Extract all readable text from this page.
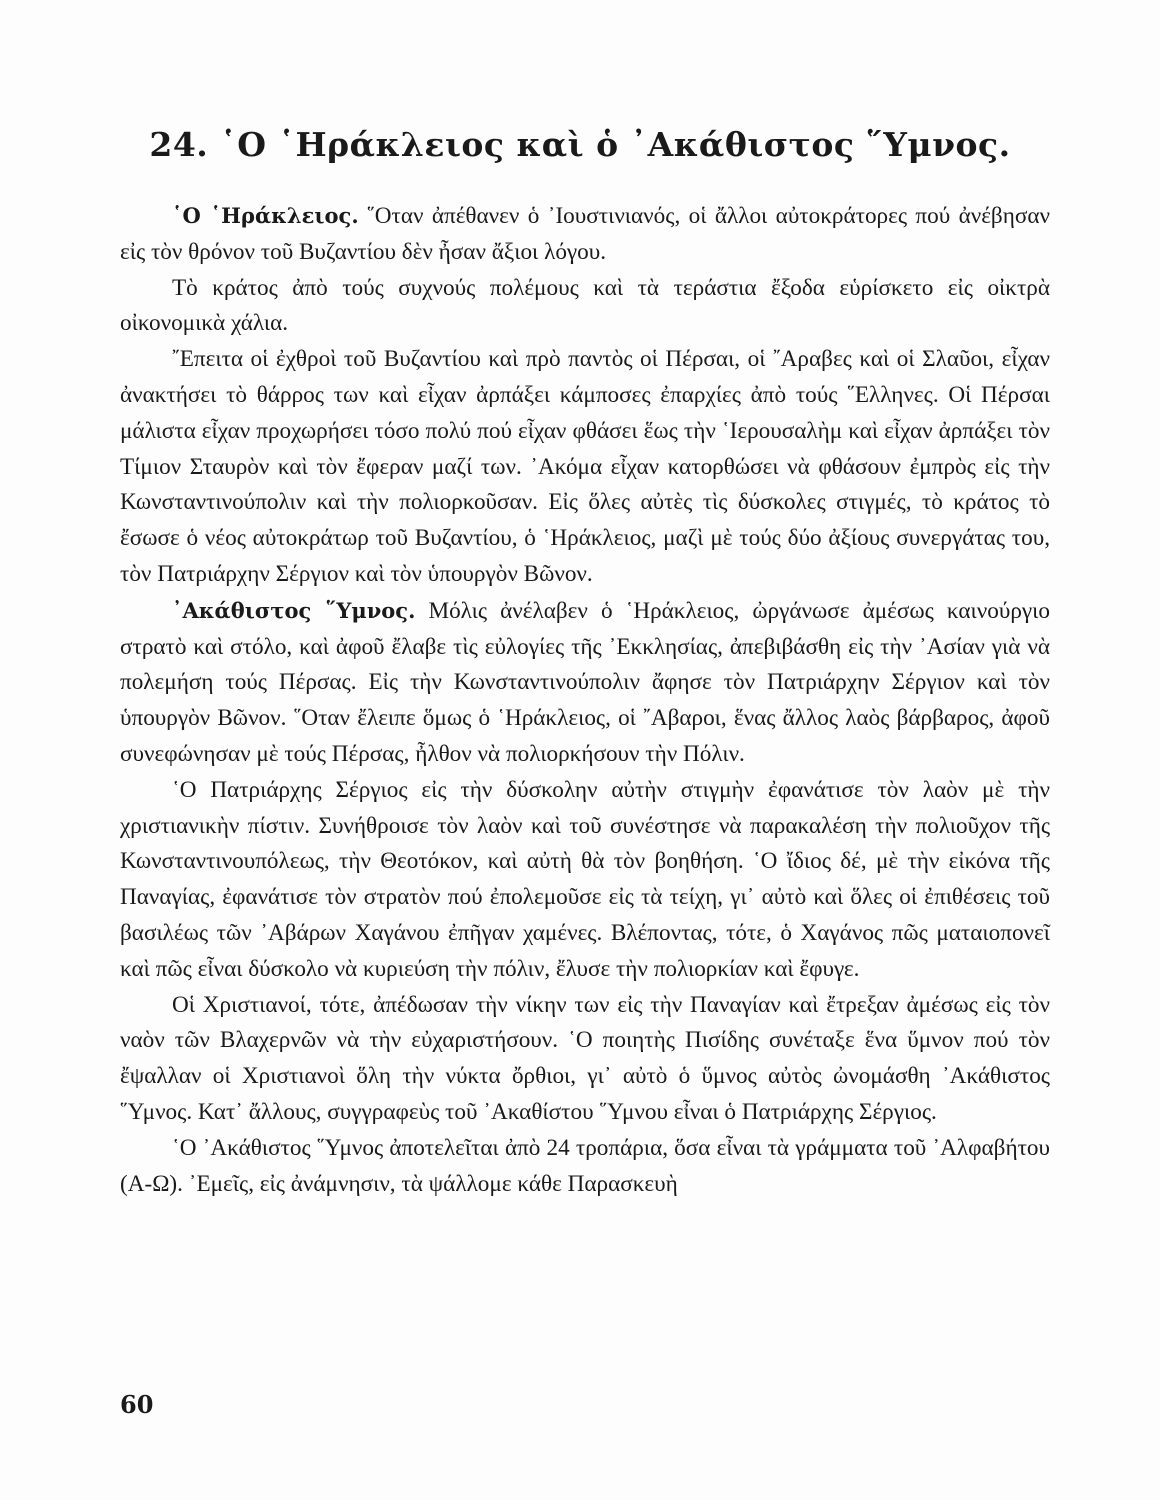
24. ῾Ο ῾Ηράκλειος καὶ ὁ ᾿Ακάθιστος ῞Υμνος.

῾Ο ῾Ηράκλειος. ῞Οταν ἀπέθανεν ὁ ᾿Ιουστινιανός, οἱ ἄλλοι αὐτοκράτορες πού ἀνέβησαν εἰς τὸν θρόνον τοῦ Βυζαντίου δὲν ἦσαν ἄξιοι λόγου.

Τὸ κράτος ἀπὸ τούς συχνούς πολέμους καὶ τὰ τεράστια ἔξοδα εὑρίσκετο εἰς οἰκτρὰ οἰκονομικὰ χάλια.

῎Επειτα οἱ ἐχθροὶ τοῦ Βυζαντίου καὶ πρὸ παντὸς οἱ Πέρσαι, οἱ ῎Αραβες καὶ οἱ Σλαῦοι, εἶχαν ἀνακτήσει τὸ θάρρος των καὶ εἶχαν ἀρπάξει κάμποσες ἐπαρχίες ἀπὸ τούς ῞Ελληνες. Οἱ Πέρσαι μάλιστα εἶχαν προχωρήσει τόσο πολύ πού εἶχαν φθάσει ἕως τὴν ῾Ιερουσαλὴμ καὶ εἶχαν ἀρπάξει τὸν Τίμιον Σταυρὸν καὶ τὸν ἔφεραν μαζί των. ᾿Ακόμα εἶχαν κατορθώσει νὰ φθάσουν ἐμπρὸς εἰς τὴν Κωνσταντινούπολιν καὶ τὴν πολιορκοῦσαν. Εἰς ὅλες αὐτὲς τὶς δύσκολες στιγμές, τὸ κράτος τὸ ἔσωσε ὁ νέος αὐτοκράτωρ τοῦ Βυζαντίου, ὁ ῾Ηράκλειος, μαζὶ μὲ τούς δύο ἀξίους συνεργάτας του, τὸν Πατριάρχην Σέργιον καὶ τὸν ὑπουργὸν Βῶνον.

᾿Ακάθιστος ῞Υμνος. Μόλις ἀνέλαβεν ὁ ῾Ηράκλειος, ὠργάνωσε ἀμέσως καινούργιο στρατὸ καὶ στόλο, καὶ ἀφοῦ ἔλαβε τὶς εὐλογίες τῆς ᾿Εκκλησίας, ἀπεβιβάσθη εἰς τὴν ᾿Ασίαν γιὰ νὰ πολεμήση τούς Πέρσας. Εἰς τὴν Κωνσταντινούπολιν ἄφησε τὸν Πατριάρχην Σέργιον καὶ τὸν ὑπουργὸν Βῶνον. ῞Οταν ἔλειπε ὅμως ὁ ῾Ηράκλειος, οἱ ῎Αβαροι, ἕνας ἄλλος λαὸς βάρβαρος, ἀφοῦ συνεφώνησαν μὲ τούς Πέρσας, ἦλθον νὰ πολιορκήσουν τὴν Πόλιν.

῾Ο Πατριάρχης Σέργιος εἰς τὴν δύσκολην αὐτὴν στιγμὴν ἐφανάτισε τὸν λαὸν μὲ τὴν χριστιανικὴν πίστιν. Συνήθροισε τὸν λαὸν καὶ τοῦ συνέστησε νὰ παρακαλέση τὴν πολιοῦχον τῆς Κωνσταντινουπόλεως, τὴν Θεοτόκον, καὶ αὐτὴ θὰ τὸν βοηθήση. ῾Ο ἴδιος δέ, μὲ τὴν εἰκόνα τῆς Παναγίας, ἐφανάτισε τὸν στρατὸν πού ἐπολεμοῦσε εἰς τὰ τείχη, γι᾿ αὐτὸ καὶ ὅλες οἱ ἐπιθέσεις τοῦ βασιλέως τῶν ᾿Αβάρων Χαγάνου ἐπῆγαν χαμένες. Βλέποντας, τότε, ὁ Χαγάνος πῶς ματαιοπονεῖ καὶ πῶς εἶναι δύσκολο νὰ κυριεύση τὴν πόλιν, ἔλυσε τὴν πολιορκίαν καὶ ἔφυγε.

Οἱ Χριστιανοί, τότε, ἀπέδωσαν τὴν νίκην των εἰς τὴν Παναγίαν καὶ ἔτρεξαν ἀμέσως εἰς τὸν ναὸν τῶν Βλαχερνῶν νὰ τὴν εὐχαριστήσουν. ῾Ο ποιητὴς Πισίδης συνέταξε ἕνα ὕμνον πού τὸν ἔψαλλαν οἱ Χριστιανοὶ ὅλη τὴν νύκτα ὄρθιοι, γι᾿ αὐτὸ ὁ ὕμνος αὐτὸς ὠνομάσθη ᾿Ακάθιστος ῞Υμνος. Κατ᾿ ἄλλους, συγγραφεὺς τοῦ ᾿Ακαθίστου ῞Υμνου εἶναι ὁ Πατριάρχης Σέργιος.

῾Ο ᾿Ακάθιστος ῞Υμνος ἀποτελεῖται ἀπὸ 24 τροπάρια, ὅσα εἶναι τὰ γράμματα τοῦ ᾿Αλφαβήτου (Α-Ω). ᾿Εμεῖς, εἰς ἀνάμνησιν, τὰ ψάλλομε κάθε Παρασκευὴ

60
